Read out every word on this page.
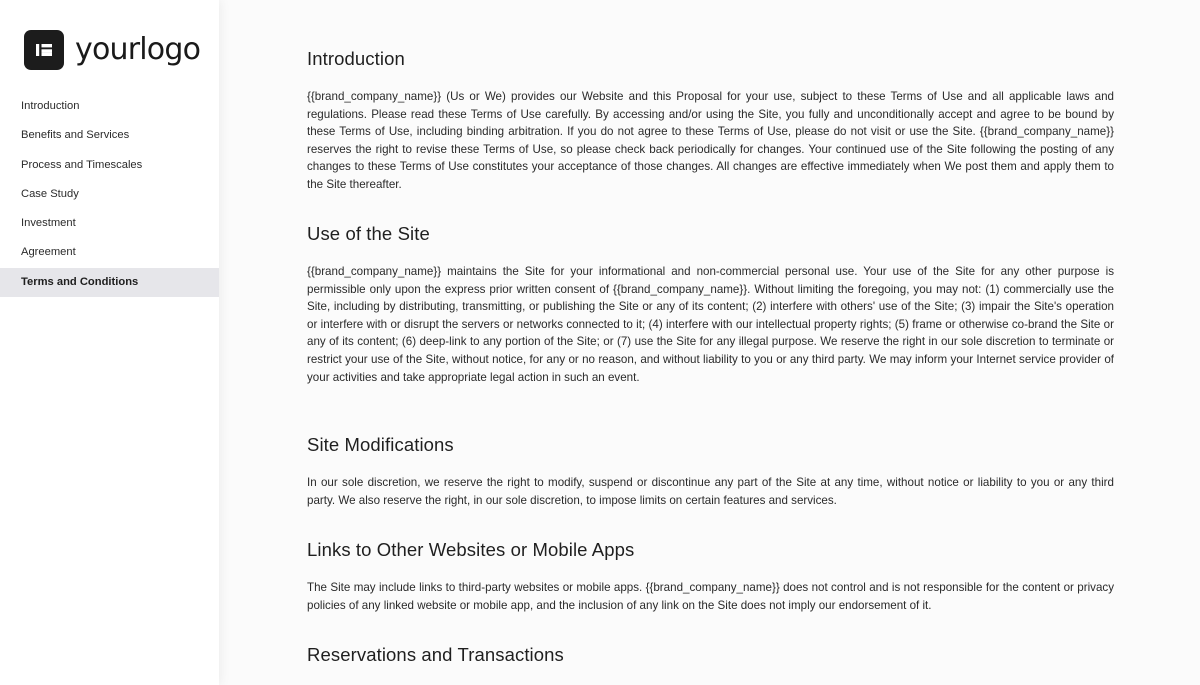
yourlogo
Introduction
Benefits and Services
Process and Timescales
Case Study
Investment
Agreement
Terms and Conditions
Introduction

{{brand_company_name}} (Us or We) provides our Website and this Proposal for your use, subject to these Terms of Use and all applicable laws and regulations. Please read these Terms of Use carefully. By accessing and/or using the Site, you fully and unconditionally accept and agree to be bound by these Terms of Use, including binding arbitration. If you do not agree to these Terms of Use, please do not visit or use the Site. {{brand_company_name}} reserves the right to revise these Terms of Use, so please check back periodically for changes. Your continued use of the Site following the posting of any changes to these Terms of Use constitutes your acceptance of those changes. All changes are effective immediately when We post them and apply them to the Site thereafter.

Use of the Site

{{brand_company_name}} maintains the Site for your informational and non-commercial personal use. Your use of the Site for any other purpose is permissible only upon the express prior written consent of {{brand_company_name}}. Without limiting the foregoing, you may not: (1) commercially use the Site, including by distributing, transmitting, or publishing the Site or any of its content; (2) interfere with others' use of the Site; (3) impair the Site's operation or interfere with or disrupt the servers or networks connected to it; (4) interfere with our intellectual property rights; (5) frame or otherwise co-brand the Site or any of its content; (6) deep-link to any portion of the Site; or (7) use the Site for any illegal purpose. We reserve the right in our sole discretion to terminate or restrict your use of the Site, without notice, for any or no reason, and without liability to you or any third party. We may inform your Internet service provider of your activities and take appropriate legal action in such an event.

Site Modifications

In our sole discretion, we reserve the right to modify, suspend or discontinue any part of the Site at any time, without notice or liability to you or any third party. We also reserve the right, in our sole discretion, to impose limits on certain features and services.

Links to Other Websites or Mobile Apps

The Site may include links to third-party websites or mobile apps. {{brand_company_name}} does not control and is not responsible for the content or privacy policies of any linked website or mobile app, and the inclusion of any link on the Site does not imply our endorsement of it.

Reservations and Transactions
